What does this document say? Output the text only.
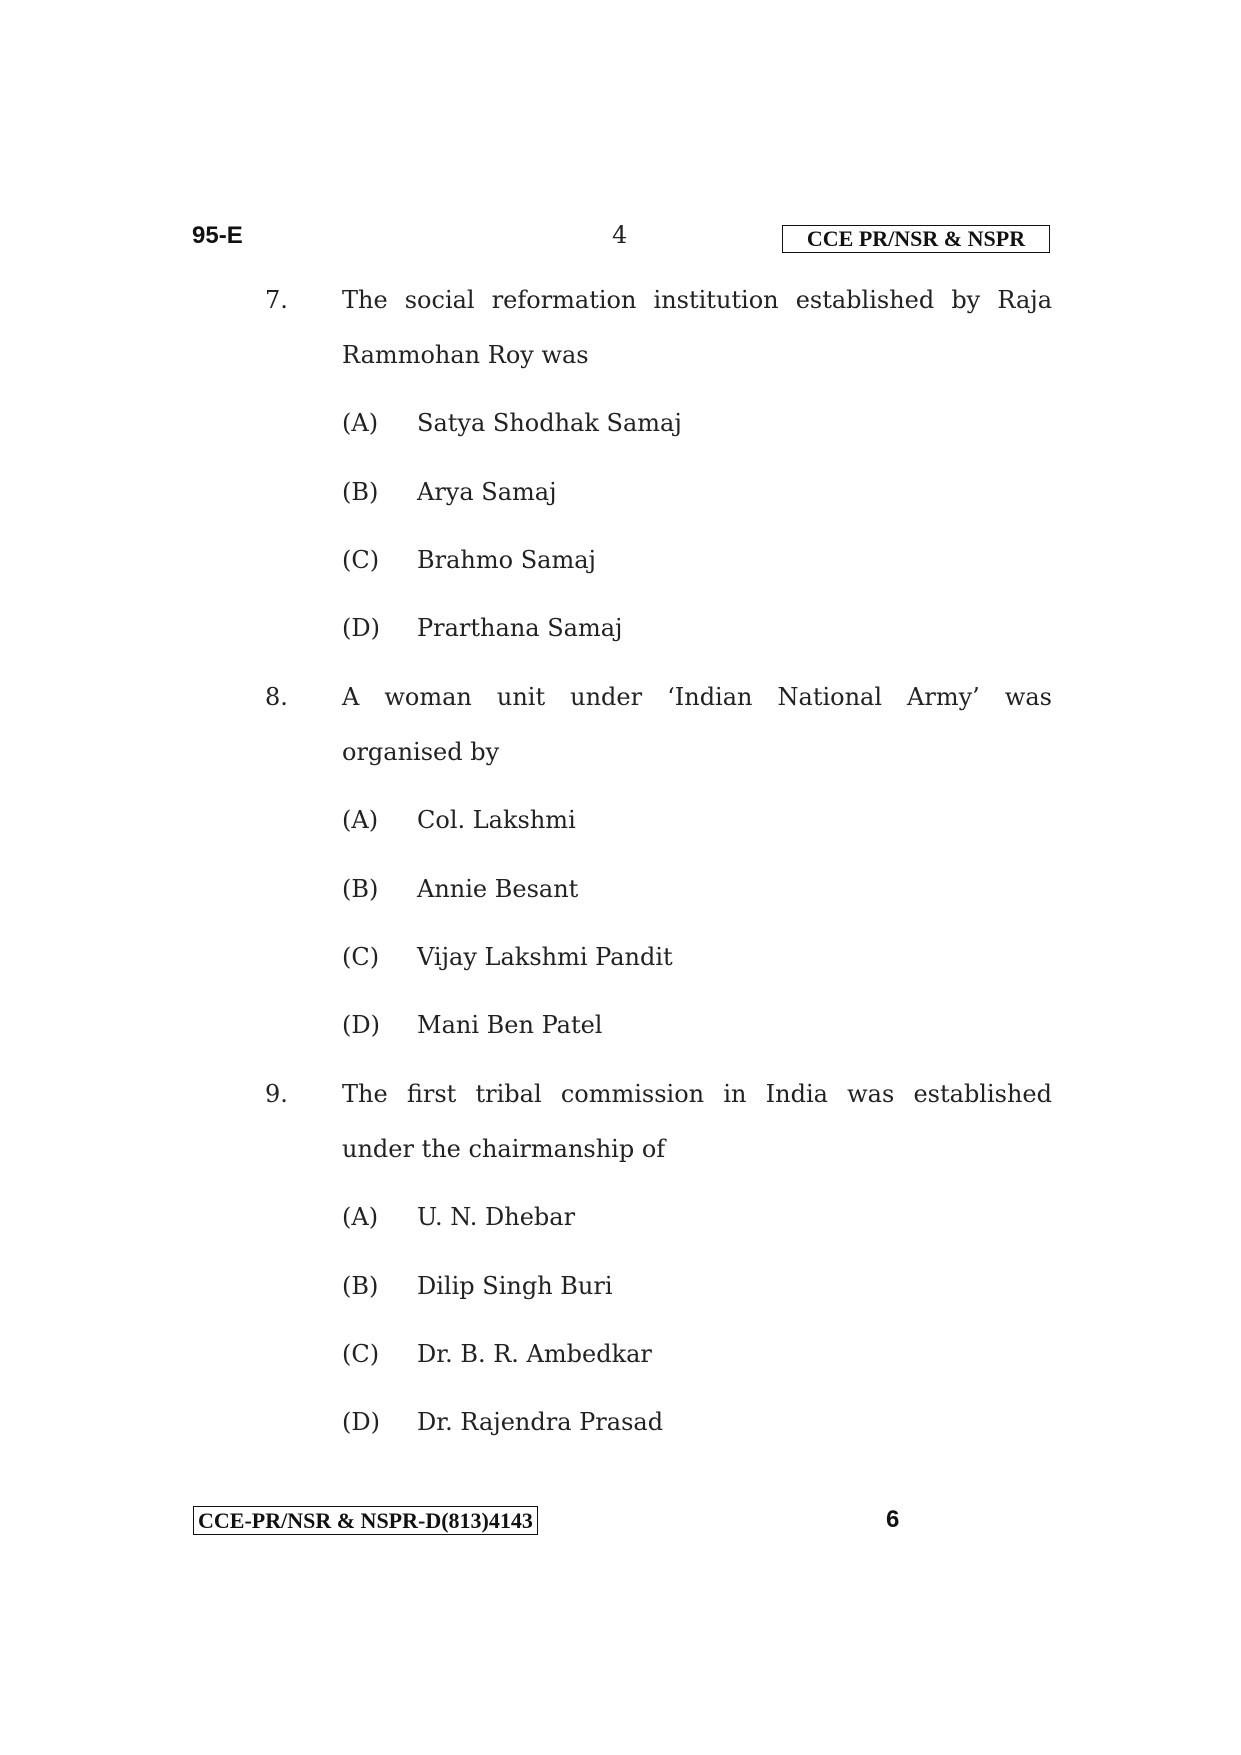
95-E	4	CCE PR/NSR & NSPR
7. The social reformation institution established by Raja
Rammohan Roy was
(A) Satya Shodhak Samaj
(B) Arya Samaj
(C) Brahmo Samaj
(D) Prarthana Samaj
8. A woman unit under ‘Indian National Army’ was
organised by
(A) Col. Lakshmi
(B) Annie Besant
(C) Vijay Lakshmi Pandit
(D) Mani Ben Patel
9. The first tribal commission in India was established
under the chairmanship of
(A) U. N. Dhebar
(B) Dilip Singh Buri
(C) Dr. B. R. Ambedkar
(D) Dr. Rajendra Prasad
CCE-PR/NSR & NSPR-D(813)4143	6
